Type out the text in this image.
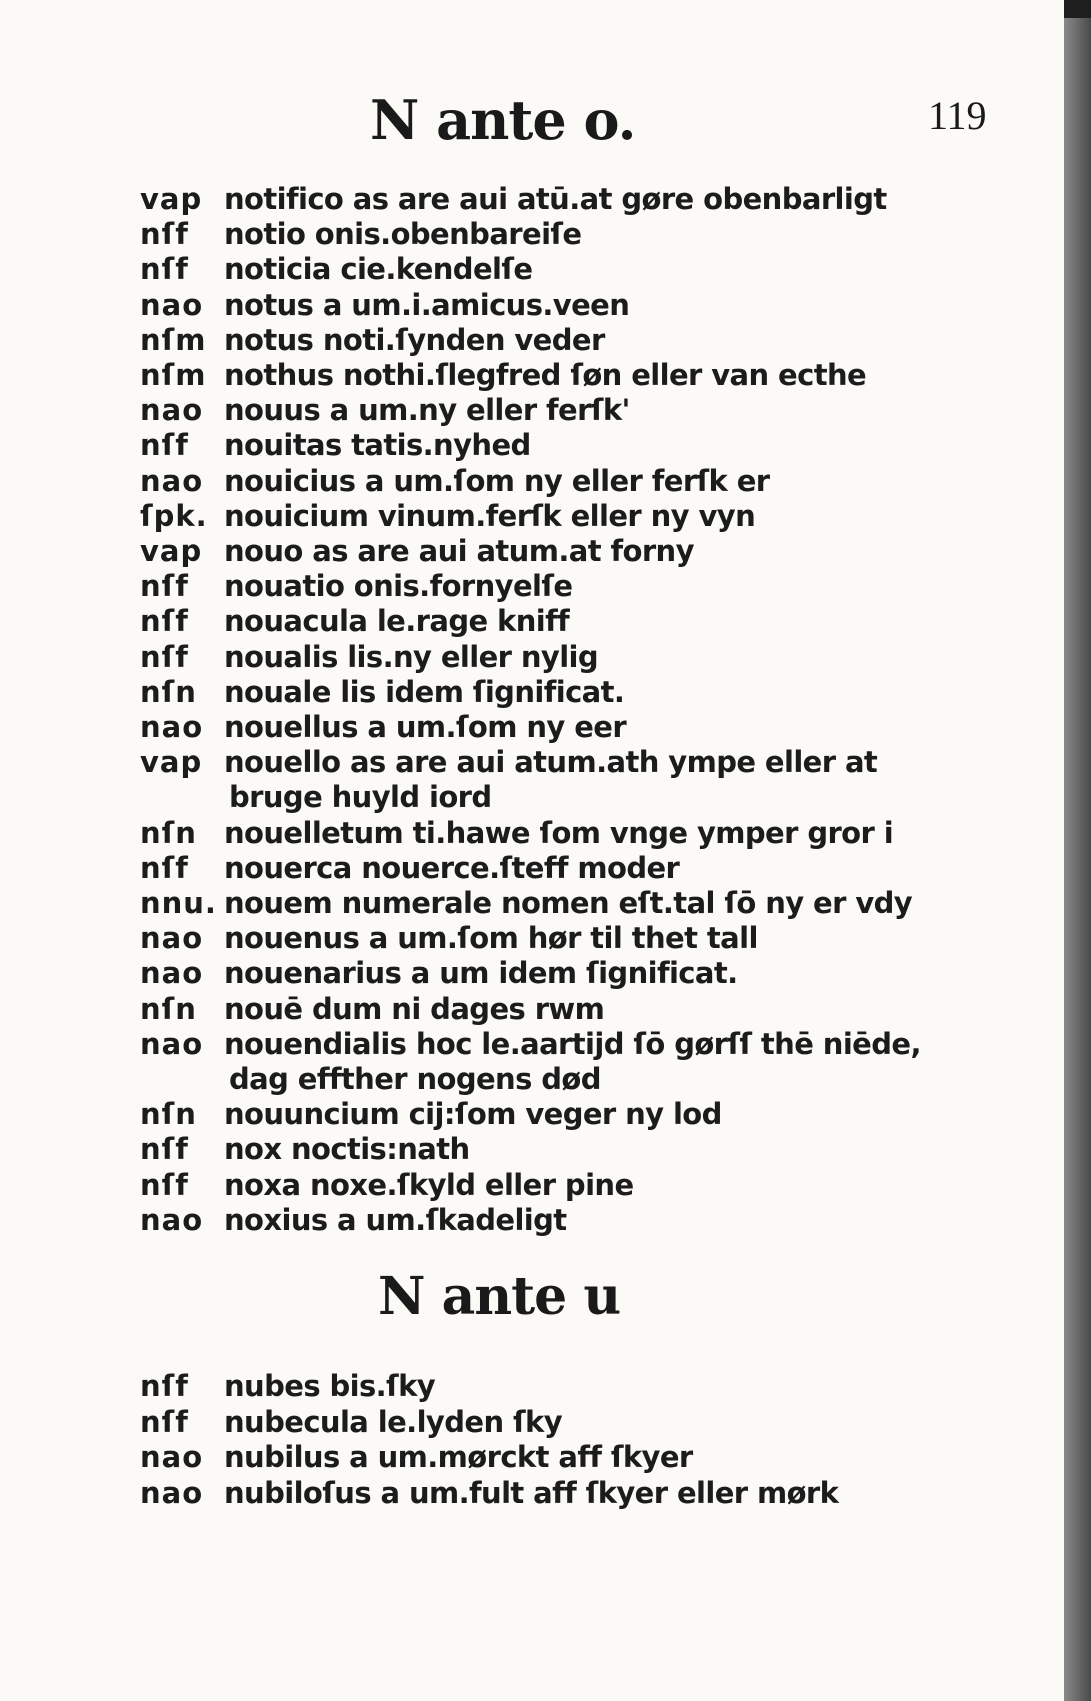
N ante o.	119
vap notifico as are aui atū.at gøre obenbarligt
nſf	notio onis.obenbareiſe
nſf	noticia cie.kendelſe
nao notus a um.i.amicus.veen
nſm notus noti.ſynden veder
nſm nothus nothi.ſlegfred ſøn eller van ecthe
nao nouus a um.ny eller ferſk'
nſf	nouitas tatis.nyhed
nao nouicius a um.ſom ny eller ferſk er
ſpk. nouicium vinum.ferſk eller ny vyn
vap nouo as are aui atum.at forny
nſf	nouatio onis.fornyelſe
nſf	nouacula le.rage kniff
nſf	noualis lis.ny eller nylig
nſn nouale lis idem ſignificat.
nao nouellus a um.ſom ny eer
vap nouello as are aui atum.ath ympe eller at
bruge huyld iord
nſn nouelletum ti.hawe ſom vnge ymper gror i
nſf	nouerca nouerce.ſteff moder
nnu. nouem numerale nomen eſt.tal ſō ny er vdy
nao nouenus a um.ſom hør til thet tall
nao nouenarius a um idem ſignificat.
nſn nouē dum ni dages rwm
nao nouendialis hoc le.aartijd ſō gørſſ thē niēde,
dag effther nogens død
nſn nouuncium cij:ſom veger ny lod
nſf	nox noctis:nath
nſf	noxa noxe.ſkyld eller pine
nao noxius a um.ſkadeligt
N ante u
nſf	nubes bis.ſky
nſf	nubecula le.lyden ſky
nao nubilus a um.mørckt aff ſkyer
nao nubiloſus a um.fult aff ſkyer eller mørk
